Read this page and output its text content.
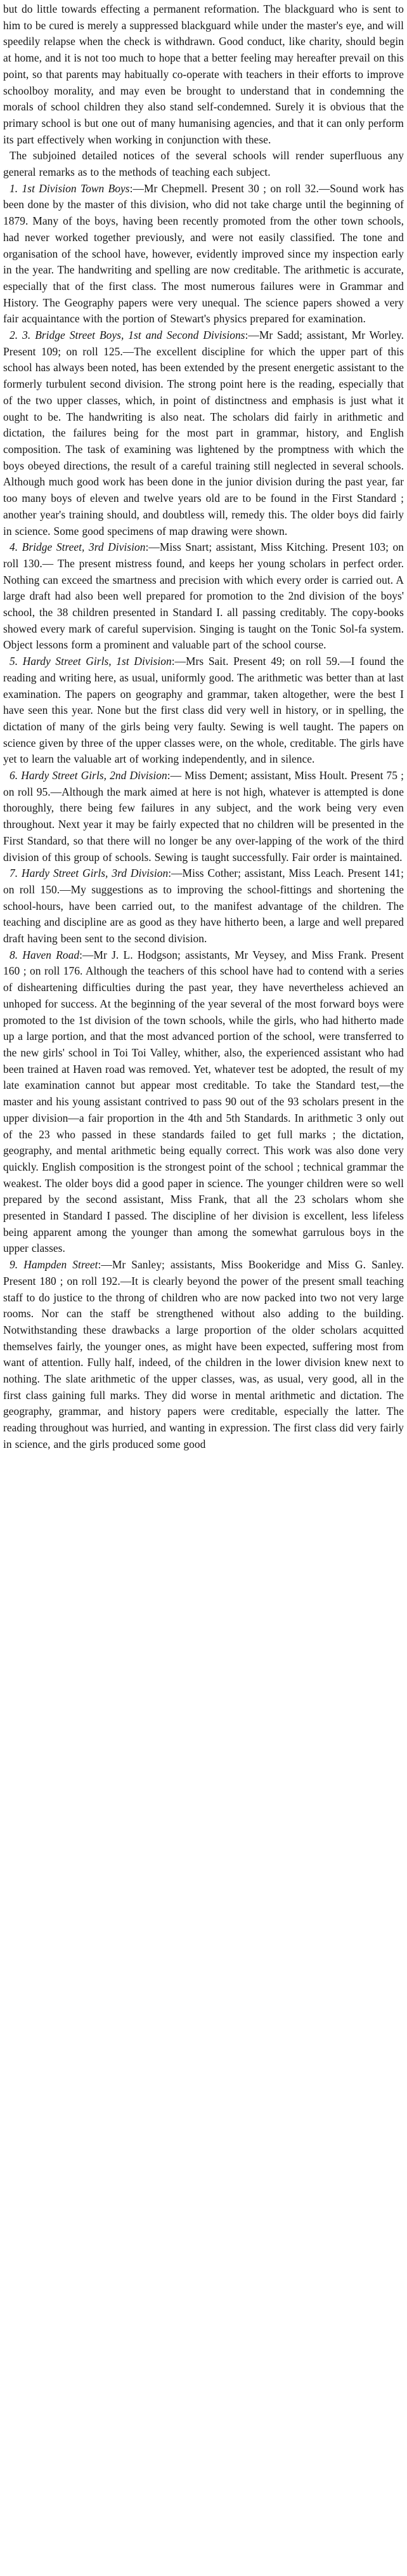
but do little towards effecting a permanent reformation. The blackguard who is sent to him to be cured is merely a suppressed blackguard while under the master's eye, and will speedily relapse when the check is withdrawn. Good conduct, like charity, should begin at home, and it is not too much to hope that a better feeling may hereafter prevail on this point, so that parents may habitually co-operate with teachers in their efforts to improve schoolboy morality, and may even be brought to understand that in condemning the morals of school children they also stand self-condemned. Surely it is obvious that the primary school is but one out of many humanising agencies, and that it can only perform its part effectively when working in conjunction with these.

The subjoined detailed notices of the several schools will render superfluous any general remarks as to the methods of teaching each subject.

1. 1st Division Town Boys:—Mr Chepmell. Present 30 ; on roll 32.—Sound work has been done by the master of this division, who did not take charge until the beginning of 1879. Many of the boys, having been recently promoted from the other town schools, had never worked together previously, and were not easily classified. The tone and organisation of the school have, however, evidently improved since my inspection early in the year. The handwriting and spelling are now creditable. The arithmetic is accurate, especially that of the first class. The most numerous failures were in Grammar and History. The Geography papers were very unequal. The science papers showed a very fair acquaintance with the portion of Stewart's physics prepared for examination.

2. 3. Bridge Street Boys, 1st and Second Divisions:—Mr Sadd; assistant, Mr Worley. Present 109; on roll 125.—The excellent discipline for which the upper part of this school has always been noted, has been extended by the present energetic assistant to the formerly turbulent second division. The strong point here is the reading, especially that of the two upper classes, which, in point of distinctness and emphasis is just what it ought to be. The handwriting is also neat. The scholars did fairly in arithmetic and dictation, the failures being for the most part in grammar, history, and English composition. The task of examining was lightened by the promptness with which the boys obeyed directions, the result of a careful training still neglected in several schools. Although much good work has been done in the junior division during the past year, far too many boys of eleven and twelve years old are to be found in the First Standard ; another year's training should, and doubtless will, remedy this. The older boys did fairly in science. Some good specimens of map drawing were shown.

4. Bridge Street, 3rd Division:—Miss Snart; assistant, Miss Kitching. Present 103; on roll 130.— The present mistress found, and keeps her young scholars in perfect order. Nothing can exceed the smartness and precision with which every order is carried out. A large draft had also been well prepared for promotion to the 2nd division of the boys' school, the 38 children presented in Standard I. all passing creditably. The copy-books showed every mark of careful supervision. Singing is taught on the Tonic Sol-fa system. Object lessons form a prominent and valuable part of the school course.

5. Hardy Street Girls, 1st Division:—Mrs Sait. Present 49; on roll 59.—I found the reading and writing here, as usual, uniformly good. The arithmetic was better than at last examination. The papers on geography and grammar, taken altogether, were the best I have seen this year. None but the first class did very well in history, or in spelling, the dictation of many of the girls being very faulty. Sewing is well taught. The papers on science given by three of the upper classes were, on the whole, creditable. The girls have yet to learn the valuable art of working independently, and in silence.

6. Hardy Street Girls, 2nd Division:— Miss Dement; assistant, Miss Hoult. Present 75 ; on roll 95.—Although the mark aimed at here is not high, whatever is attempted is done thoroughly, there being few failures in any subject, and the work being very even throughout. Next year it may be fairly expected that no children will be presented in the First Standard, so that there will no longer be any over-lapping of the work of the third division of this group of schools. Sewing is taught successfully. Fair order is maintained.

7. Hardy Street Girls, 3rd Division:—Miss Cother; assistant, Miss Leach. Present 141; on roll 150.—My suggestions as to improving the school-fittings and shortening the school-hours, have been carried out, to the manifest advantage of the children. The teaching and discipline are as good as they have hitherto been, a large and well prepared draft having been sent to the second division.

8. Haven Road:—Mr J. L. Hodgson; assistants, Mr Veysey, and Miss Frank. Present 160 ; on roll 176. Although the teachers of this school have had to contend with a series of disheartening difficulties during the past year, they have nevertheless achieved an unhoped for success. At the beginning of the year several of the most forward boys were promoted to the 1st division of the town schools, while the girls, who had hitherto made up a large portion, and that the most advanced portion of the school, were transferred to the new girls' school in Toi Toi Valley, whither, also, the experienced assistant who had been trained at Haven road was removed. Yet, whatever test be adopted, the result of my late examination cannot but appear most creditable. To take the Standard test,—the master and his young assistant contrived to pass 90 out of the 93 scholars present in the upper division—a fair proportion in the 4th and 5th Standards. In arithmetic 3 only out of the 23 who passed in these standards failed to get full marks ; the dictation, geography, and mental arithmetic being equally correct. This work was also done very quickly. English composition is the strongest point of the school ; technical grammar the weakest. The older boys did a good paper in science. The younger children were so well prepared by the second assistant, Miss Frank, that all the 23 scholars whom she presented in Standard I passed. The discipline of her division is excellent, less lifeless being apparent among the younger than among the somewhat garrulous boys in the upper classes.

9. Hampden Street:—Mr Sanley; assistants, Miss Bookeridge and Miss G. Sanley. Present 180 ; on roll 192.—It is clearly beyond the power of the present small teaching staff to do justice to the throng of children who are now packed into two not very large rooms. Nor can the staff be strengthened without also adding to the building. Notwithstanding these drawbacks a large proportion of the older scholars acquitted themselves fairly, the younger ones, as might have been expected, suffering most from want of attention. Fully half, indeed, of the children in the lower division knew next to nothing. The slate arithmetic of the upper classes, was, as usual, very good, all in the first class gaining full marks. They did worse in mental arithmetic and dictation. The geography, grammar, and history papers were creditable, especially the latter. The reading throughout was hurried, and wanting in expression. The first class did very fairly in science, and the girls produced some good
